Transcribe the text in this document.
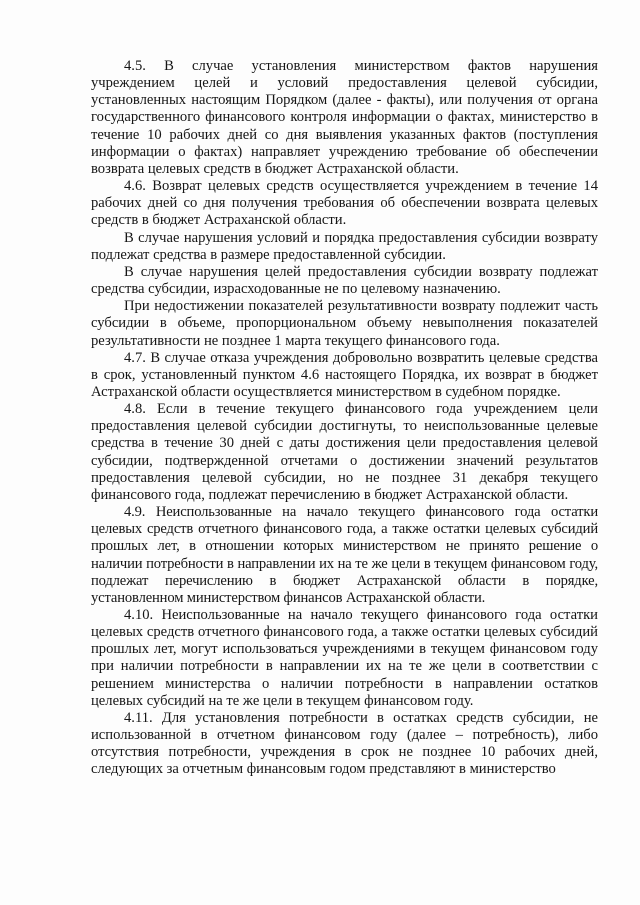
4.5. В случае установления министерством фактов нарушения учреждением целей и условий предоставления целевой субсидии, установленных настоящим Порядком (далее - факты), или получения от органа государственного финансового контроля информации о фактах, министерство в течение 10 рабочих дней со дня выявления указанных фактов (поступления информации о фактах) направляет учреждению требование об обеспечении возврата целевых средств в бюджет Астраханской области.

4.6. Возврат целевых средств осуществляется учреждением в течение 14 рабочих дней со дня получения требования об обеспечении возврата целевых средств в бюджет Астраханской области.

В случае нарушения условий и порядка предоставления субсидии возврату подлежат средства в размере предоставленной субсидии.

В случае нарушения целей предоставления субсидии возврату подлежат средства субсидии, израсходованные не по целевому назначению.

При недостижении показателей результативности возврату подлежит часть субсидии в объеме, пропорциональном объему невыполнения показателей результативности не позднее 1 марта текущего финансового года.

4.7. В случае отказа учреждения добровольно возвратить целевые средства в срок, установленный пунктом 4.6 настоящего Порядка, их возврат в бюджет Астраханской области осуществляется министерством в судебном порядке.

4.8. Если в течение текущего финансового года учреждением цели предоставления целевой субсидии достигнуты, то неиспользованные целевые средства в течение 30 дней с даты достижения цели предоставления целевой субсидии, подтвержденной отчетами о достижении значений результатов предоставления целевой субсидии, но не позднее 31 декабря текущего финансового года, подлежат перечислению в бюджет Астраханской области.

4.9. Неиспользованные на начало текущего финансового года остатки целевых средств отчетного финансового года, а также остатки целевых субсидий прошлых лет, в отношении которых министерством не принято решение о наличии потребности в направлении их на те же цели в текущем финансовом году, подлежат перечислению в бюджет Астраханской области в порядке, установленном министерством финансов Астраханской области.

4.10. Неиспользованные на начало текущего финансового года остатки целевых средств отчетного финансового года, а также остатки целевых субсидий прошлых лет, могут использоваться учреждениями в текущем финансовом году при наличии потребности в направлении их на те же цели в соответствии с решением министерства о наличии потребности в направлении остатков целевых субсидий на те же цели в текущем финансовом году.

4.11. Для установления потребности в остатках средств субсидии, не использованной в отчетном финансовом году (далее – потребность), либо отсутствия потребности, учреждения в срок не позднее 10 рабочих дней, следующих за отчетным финансовым годом представляют в министерство
